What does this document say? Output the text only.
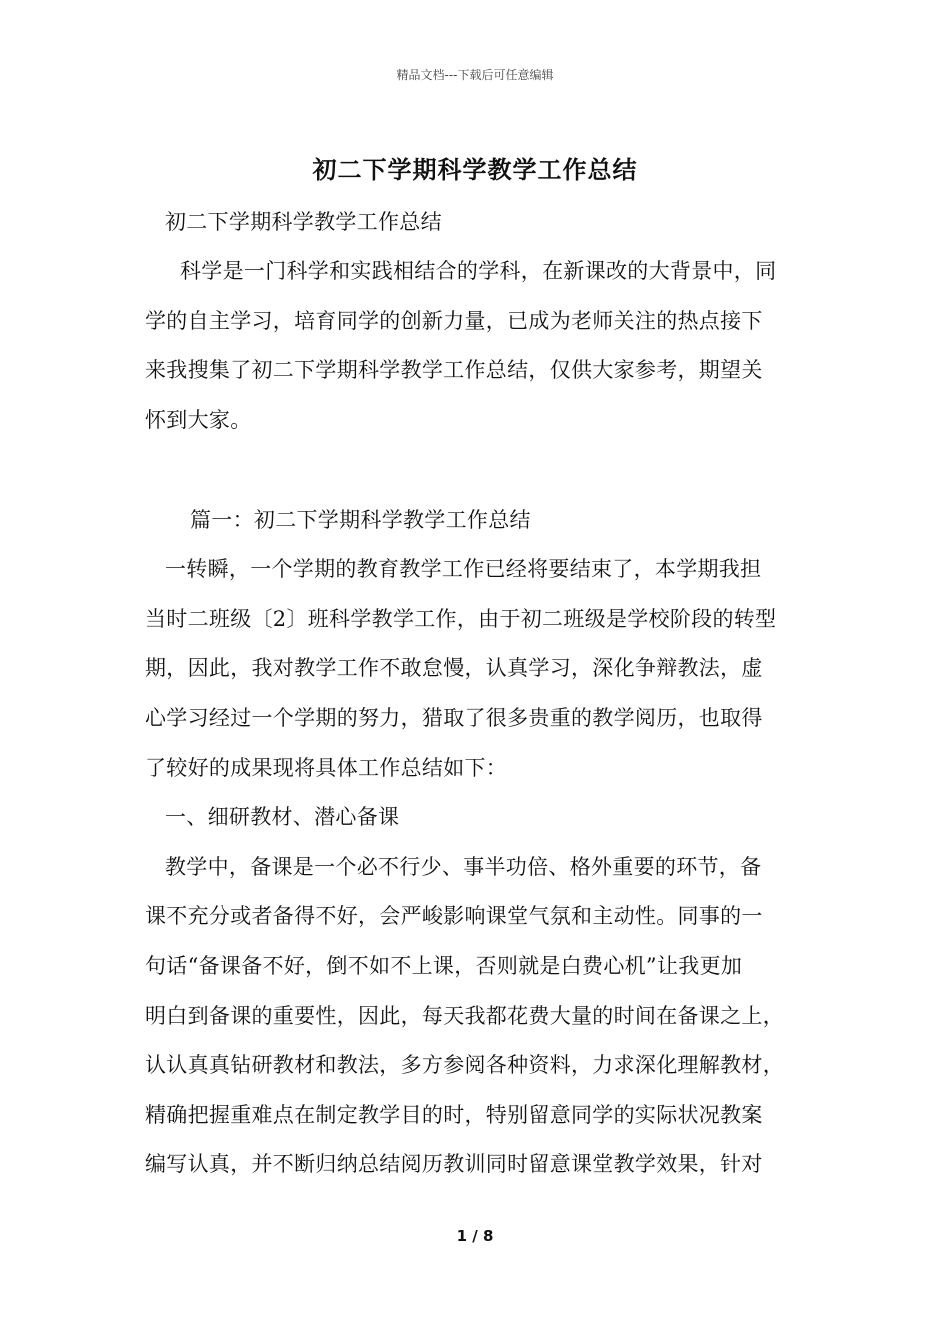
精品文档---下载后可任意编辑
初二下学期科学教学工作总结
初二下学期科学教学工作总结
科学是一门科学和实践相结合的学科，在新课改的大背景中，同
学的自主学习，培育同学的创新力量，已成为老师关注的热点接下
来我搜集了初二下学期科学教学工作总结，仅供大家参考，期望关
怀到大家。
篇一：初二下学期科学教学工作总结
一转瞬，一个学期的教育教学工作已经将要结束了，本学期我担
当时二班级〔2〕班科学教学工作，由于初二班级是学校阶段的转型
期，因此，我对教学工作不敢怠慢，认真学习，深化争辩教法，虚
心学习经过一个学期的努力，猎取了很多贵重的教学阅历，也取得
了较好的成果现将具体工作总结如下：
一、细研教材、潜心备课
教学中，备课是一个必不行少、事半功倍、格外重要的环节，备
课不充分或者备得不好，会严峻影响课堂气氛和主动性。同事的一
句话“备课备不好，倒不如不上课，否则就是白费心机”让我更加
明白到备课的重要性，因此，每天我都花费大量的时间在备课之上，
认认真真钻研教材和教法，多方参阅各种资料，力求深化理解教材，
精确把握重难点在制定教学目的时，特别留意同学的实际状况教案
编写认真，并不断归纳总结阅历教训同时留意课堂教学效果，针对
1 / 8
